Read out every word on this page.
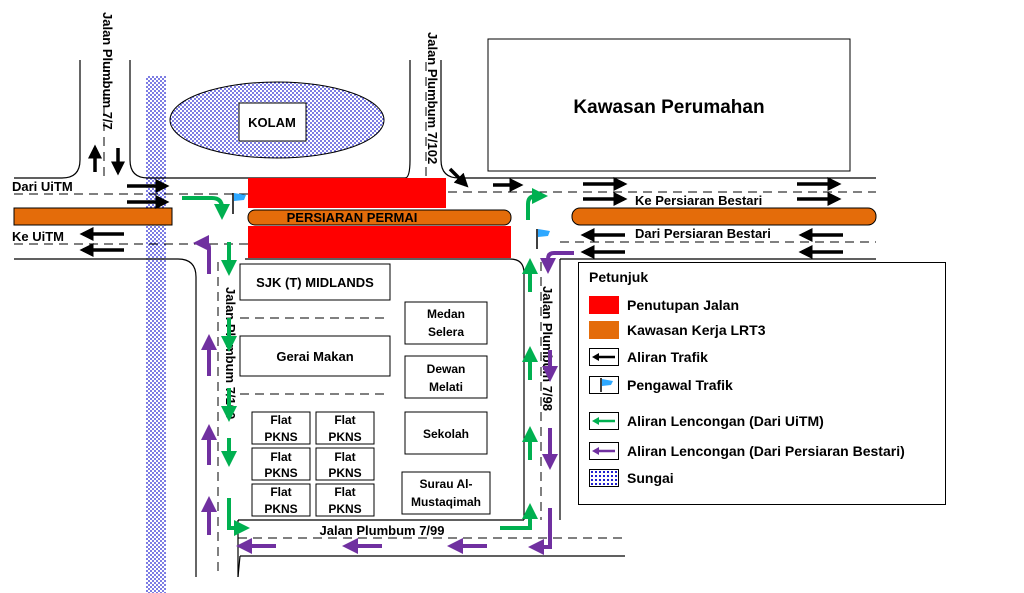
KOLAM
Kawasan Perumahan
SJK (T) MIDLANDS
Gerai Makan
Medan
Selera
Dewan
Melati
Sekolah
Surau Al-
Mustaqimah
Flat
PKNS
Flat
PKNS
Flat
PKNS
Flat
PKNS
Flat
PKNS
Flat
PKNS
PERSIARAN PERMAI
Jalan Plumbum 7/7	Jalan Plumbum 7/102
Jalan Plumbum 7/100	Jalan Plumbum 7/98
Jalan Plumbum 7/99
Dari UiTM
Ke UiTM
Ke Persiaran Bestari
Dari Persiaran Bestari
Petunjuk
Penutupan Jalan
Kawasan Kerja LRT3
Aliran Trafik
Pengawal Trafik
Aliran Lencongan (Dari UiTM)
Aliran Lencongan (Dari Persiaran Bestari)
Sungai
